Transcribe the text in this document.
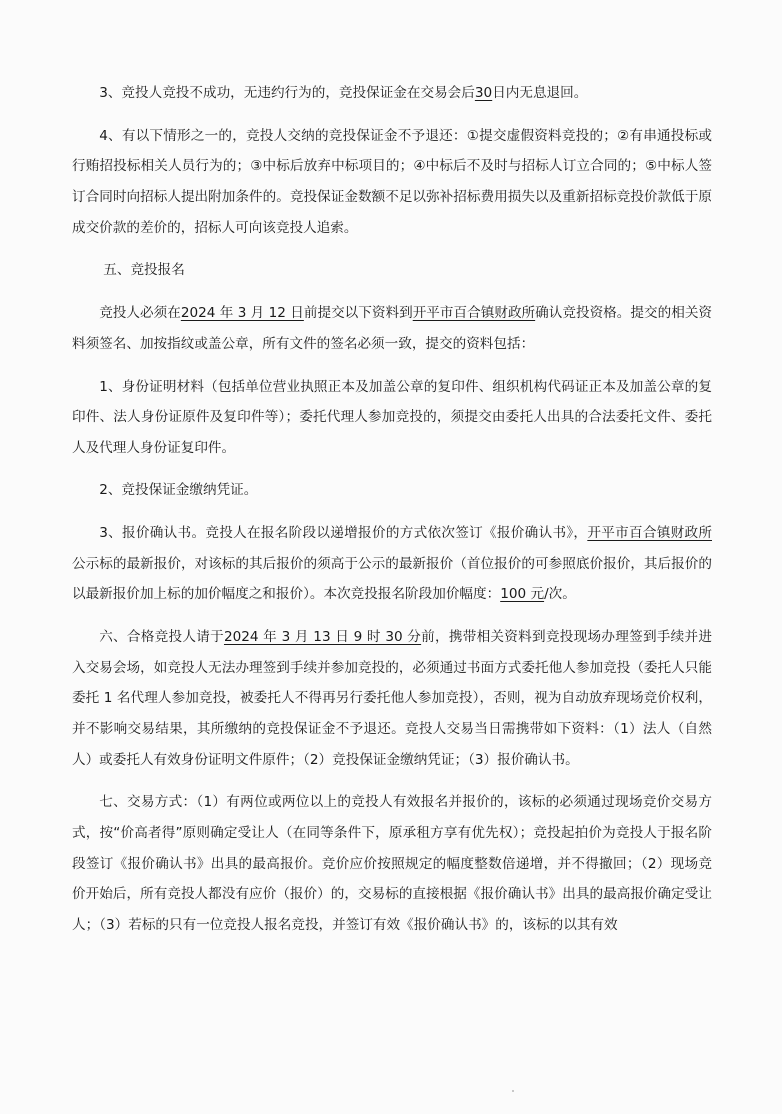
3、竞投人竞投不成功，无违约行为的，竞投保证金在交易会后30日内无息退回。

4、有以下情形之一的，竞投人交纳的竞投保证金不予退还：①提交虚假资料竞投的；②有串通投标或行贿招投标相关人员行为的；③中标后放弃中标项目的；④中标后不及时与招标人订立合同的；⑤中标人签订合同时向招标人提出附加条件的。竞投保证金数额不足以弥补招标费用损失以及重新招标竞投价款低于原成交价款的差价的，招标人可向该竞投人追索。

五、竞投报名

竞投人必须在2024 年 3 月 12 日前提交以下资料到开平市百合镇财政所确认竞投资格。提交的相关资料须签名、加按指纹或盖公章，所有文件的签名必须一致，提交的资料包括：

1、身份证明材料（包括单位营业执照正本及加盖公章的复印件、组织机构代码证正本及加盖公章的复印件、法人身份证原件及复印件等）；委托代理人参加竞投的，须提交由委托人出具的合法委托文件、委托人及代理人身份证复印件。

2、竞投保证金缴纳凭证。

3、报价确认书。竞投人在报名阶段以递增报价的方式依次签订《报价确认书》，开平市百合镇财政所公示标的最新报价，对该标的其后报价的须高于公示的最新报价（首位报价的可参照底价报价，其后报价的以最新报价加上标的加价幅度之和报价）。本次竞投报名阶段加价幅度：100 元/次。

六、合格竞投人请于2024 年 3 月 13 日 9 时 30 分前，携带相关资料到竞投现场办理签到手续并进入交易会场，如竞投人无法办理签到手续并参加竞投的，必须通过书面方式委托他人参加竞投（委托人只能委托 1 名代理人参加竞投，被委托人不得再另行委托他人参加竞投），否则，视为自动放弃现场竞价权利，并不影响交易结果，其所缴纳的竞投保证金不予退还。竞投人交易当日需携带如下资料：（1）法人（自然人）或委托人有效身份证明文件原件；（2）竞投保证金缴纳凭证；（3）报价确认书。

七、交易方式：（1）有两位或两位以上的竞投人有效报名并报价的，该标的必须通过现场竞价交易方式，按“价高者得”原则确定受让人（在同等条件下，原承租方享有优先权）；竞投起拍价为竞投人于报名阶段签订《报价确认书》出具的最高报价。竞价应价按照规定的幅度整数倍递增，并不得撤回；（2）现场竞价开始后，所有竞投人都没有应价（报价）的，交易标的直接根据《报价确认书》出具的最高报价确定受让人；（3）若标的只有一位竞投人报名竞投，并签订有效《报价确认书》的，该标的以其有效
